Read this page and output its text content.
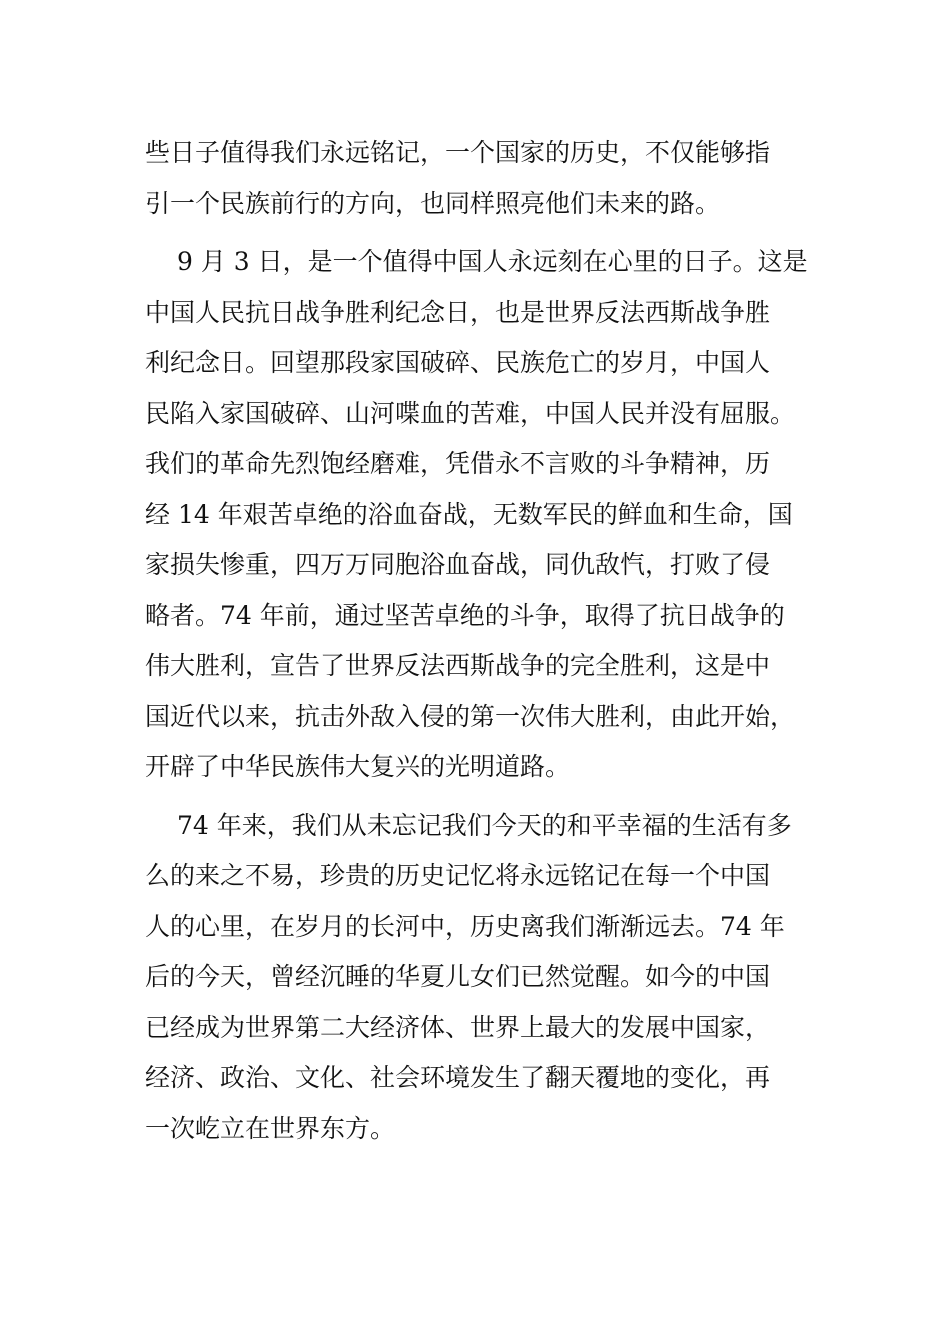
些日子值得我们永远铭记，一个国家的历史，不仅能够指
引一个民族前行的方向，也同样照亮他们未来的路。
9 月 3 日，是一个值得中国人永远刻在心里的日子。这是
中国人民抗日战争胜利纪念日，也是世界反法西斯战争胜
利纪念日。回望那段家国破碎、民族危亡的岁月，中国人
民陷入家国破碎、山河喋血的苦难，中国人民并没有屈服。
我们的革命先烈饱经磨难，凭借永不言败的斗争精神，历
经 14 年艰苦卓绝的浴血奋战，无数军民的鲜血和生命，国
家损失惨重，四万万同胞浴血奋战，同仇敌忾，打败了侵
略者。74 年前，通过坚苦卓绝的斗争，取得了抗日战争的
伟大胜利，宣告了世界反法西斯战争的完全胜利，这是中
国近代以来，抗击外敌入侵的第一次伟大胜利，由此开始，
开辟了中华民族伟大复兴的光明道路。
74 年来，我们从未忘记我们今天的和平幸福的生活有多
么的来之不易，珍贵的历史记忆将永远铭记在每一个中国
人的心里，在岁月的长河中，历史离我们渐渐远去。74 年
后的今天，曾经沉睡的华夏儿女们已然觉醒。如今的中国
已经成为世界第二大经济体、世界上最大的发展中国家，
经济、政治、文化、社会环境发生了翻天覆地的变化，再
一次屹立在世界东方。
